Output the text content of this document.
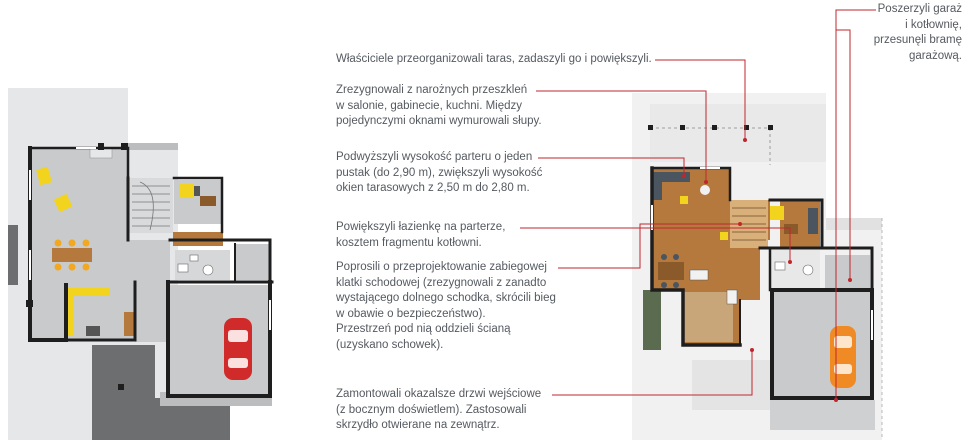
Właściciele przeorganizowali taras, zadaszyli go i powiększyli.
Zrezygnowali z narożnych przeszkleń
w salonie, gabinecie, kuchni. Między
pojedynczymi oknami wymurowali słupy.
Podwyższyli wysokość parteru o jeden
pustak (do 2,90 m), zwiększyli wysokość
okien tarasowych z 2,50 m do 2,80 m.
Powiększyli łazienkę na parterze,
kosztem fragmentu kotłowni.
Poprosili o przeprojektowanie zabiegowej
klatki schodowej (zrezygnowali z zanadto
wystającego dolnego schodka, skrócili bieg
w obawie o bezpieczeństwo).
Przestrzeń pod nią oddzieli ścianą
(uzyskano schowek).
Zamontowali okazalsze drzwi wejściowe
(z bocznym doświetlem). Zastosowali
skrzydło otwierane na zewnątrz.
Poszerzyli garaż
i kotłownię,
przesunęli bramę
garażową.
